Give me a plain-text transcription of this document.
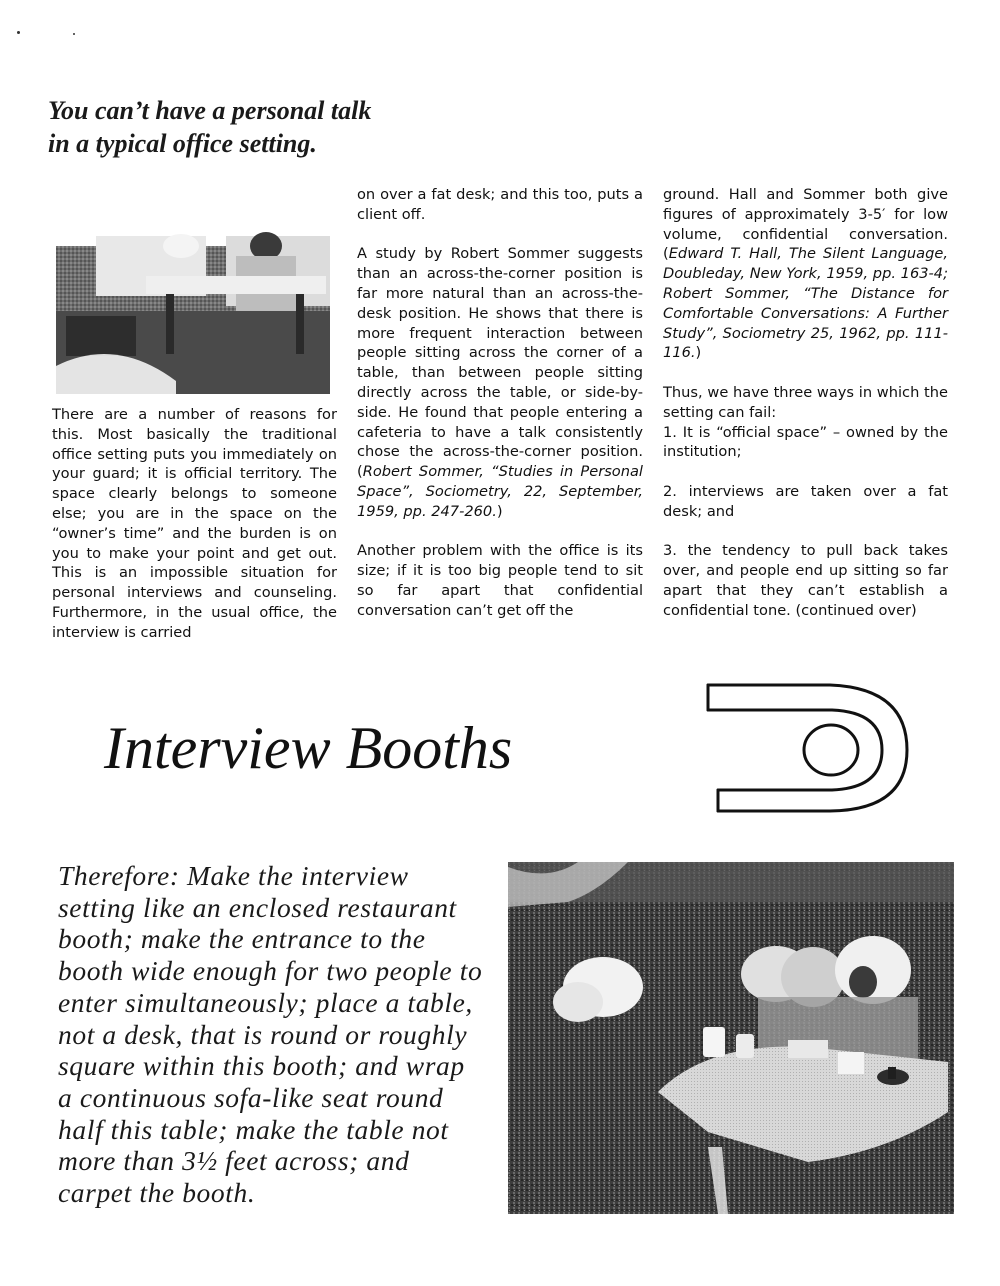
You can’t have a personal talk
in a typical office setting.

There are a number of reasons for this. Most basically the traditional office setting puts you immediately on your guard; it is official territory. The space clearly belongs to someone else; you are in the space on the “owner’s time” and the burden is on you to make your point and get out. This is an impossible situation for personal interviews and counseling. Furthermore, in the usual office, the interview is carried

on over a fat desk; and this too, puts a client off.

A study by Robert Sommer suggests than an across-the-corner position is far more natural than an across-the-desk position. He shows that there is more frequent interaction between people sitting across the corner of a table, than between people sitting directly across the table, or side-by-side. He found that people entering a cafeteria to have a talk consistently chose the across-the-corner position. (Robert Sommer, “Studies in Personal Space”, Sociometry, 22, September, 1959, pp. 247-260.)

Another problem with the office is its size; if it is too big people tend to sit so far apart that confidential conversation can’t get off the

ground. Hall and Sommer both give figures of approximately 3-5′ for low volume, confidential conversation. (Edward T. Hall, The Silent Language, Doubleday, New York, 1959, pp. 163-4; Robert Sommer, “The Distance for Comfortable Conversations: A Further Study”, Sociometry 25, 1962, pp. 111-116.)

Thus, we have three ways in which the setting can fail:

1. It is “official space” – owned by the institution;

2. interviews are taken over a fat desk; and

3. the tendency to pull back takes over, and people end up sitting so far apart that they can’t establish a confidential tone. (continued over)

Interview Booths
Therefore: Make the interview setting like an enclosed restaurant booth; make the entrance to the booth wide enough for two people to enter simultaneously; place a table, not a desk, that is round or roughly square within this booth; and wrap a continuous sofa-like seat round half this table; make the table not more than 3½ feet across; and carpet the booth.
